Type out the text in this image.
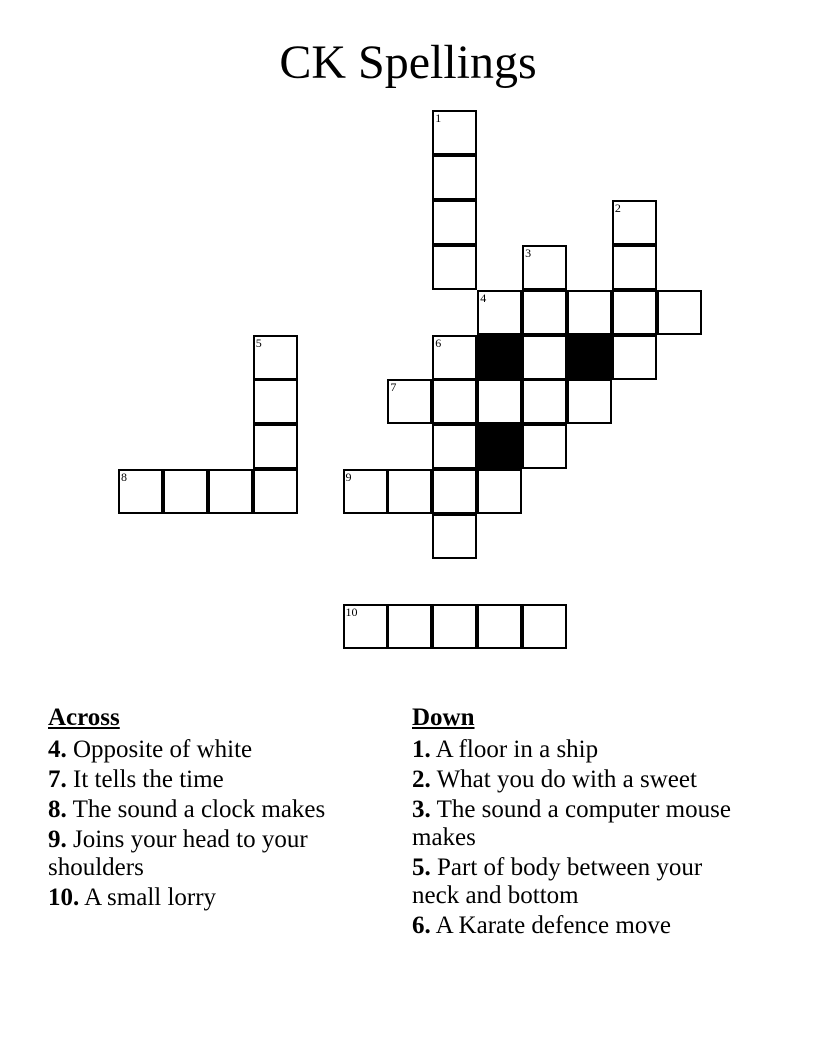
CK Spellings
1
2
3
4
5	6
7
8	9
10
Across
4. Opposite of white
7. It tells the time
8. The sound a clock makes
9. Joins your head to your shoulders
10. A small lorry
Down
1. A floor in a ship
2. What you do with a sweet
3. The sound a computer mouse makes
5. Part of body between your neck and bottom
6. A Karate defence move
